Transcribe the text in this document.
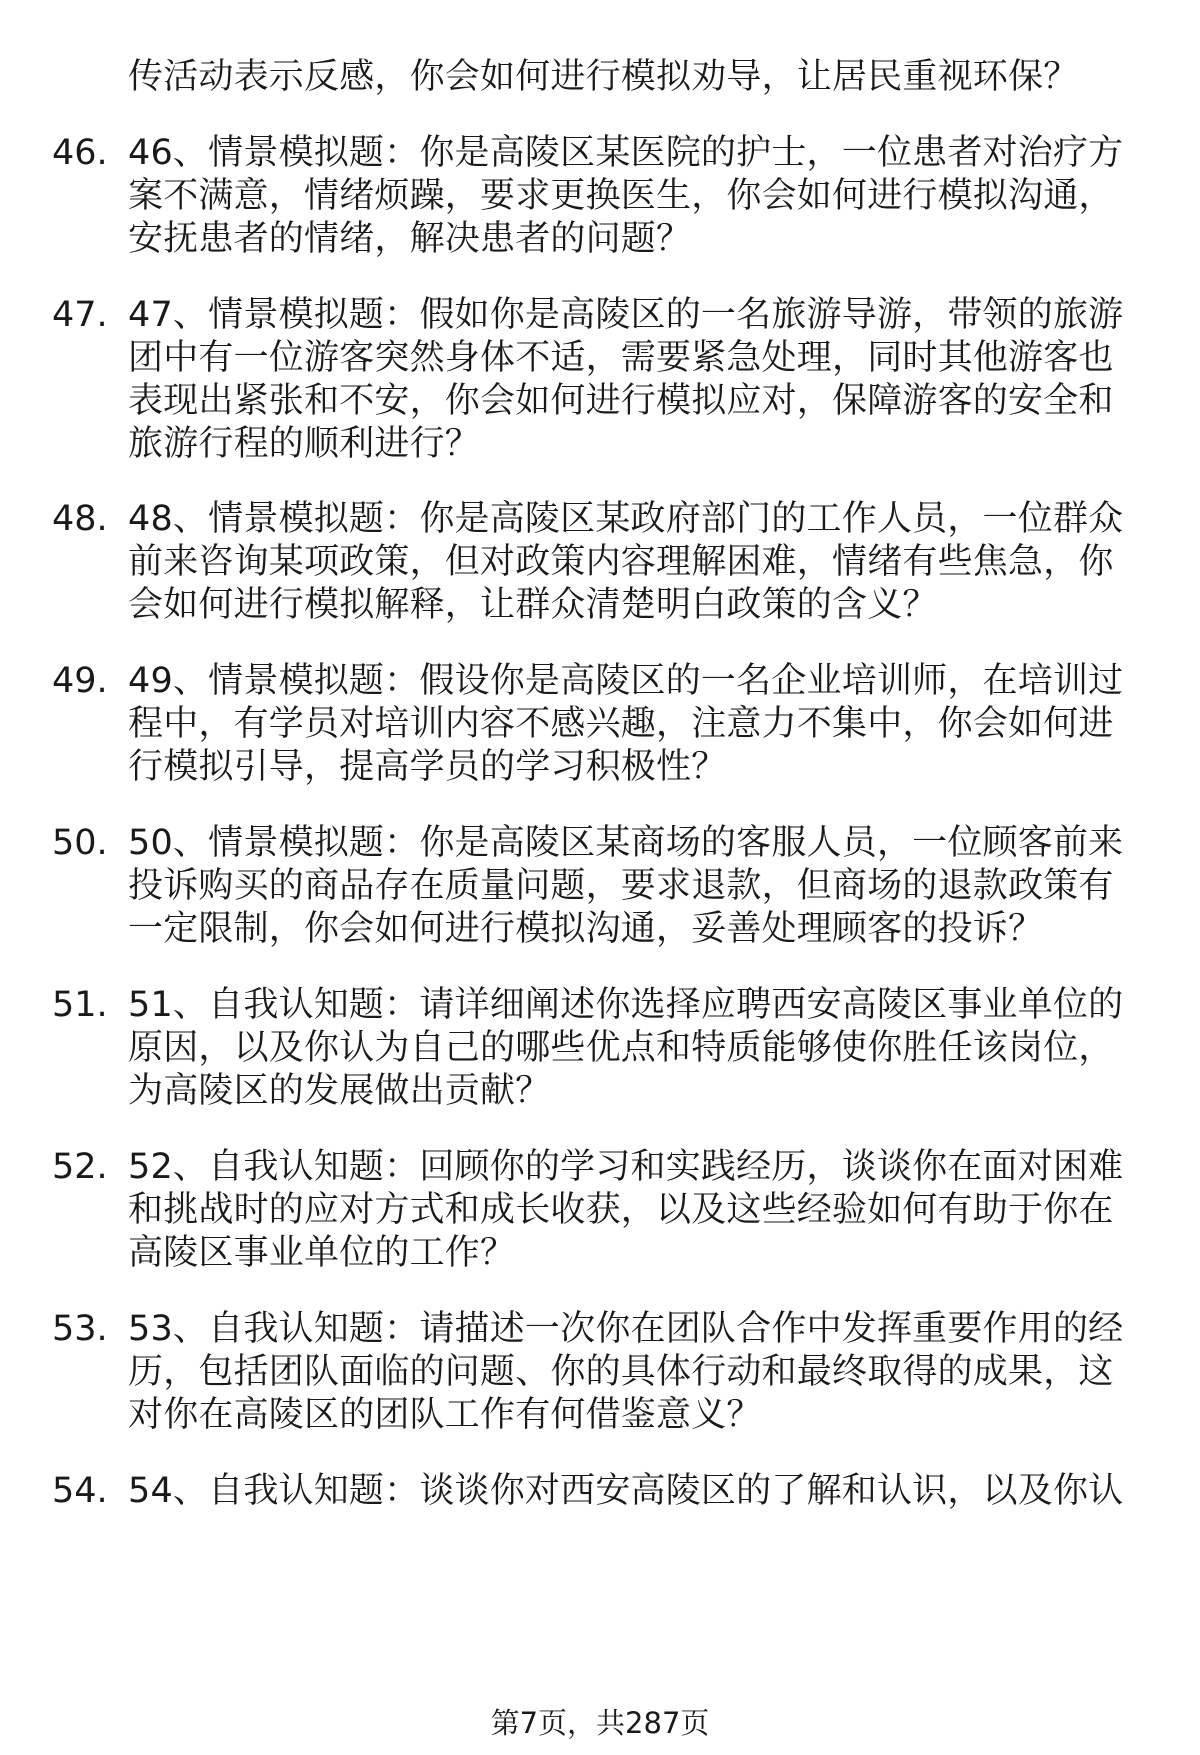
传活动表示反感，你会如何进行模拟劝导，让居民重视环保？
46. 46、情景模拟题：你是高陵区某医院的护士，一位患者对治疗方
案不满意，情绪烦躁，要求更换医生，你会如何进行模拟沟通，
安抚患者的情绪，解决患者的问题？
47. 47、情景模拟题：假如你是高陵区的一名旅游导游，带领的旅游
团中有一位游客突然身体不适，需要紧急处理，同时其他游客也
表现出紧张和不安，你会如何进行模拟应对，保障游客的安全和
旅游行程的顺利进行？
48. 48、情景模拟题：你是高陵区某政府部门的工作人员，一位群众
前来咨询某项政策，但对政策内容理解困难，情绪有些焦急，你
会如何进行模拟解释，让群众清楚明白政策的含义？
49. 49、情景模拟题：假设你是高陵区的一名企业培训师，在培训过
程中，有学员对培训内容不感兴趣，注意力不集中，你会如何进
行模拟引导，提高学员的学习积极性？
50. 50、情景模拟题：你是高陵区某商场的客服人员，一位顾客前来
投诉购买的商品存在质量问题，要求退款，但商场的退款政策有
一定限制，你会如何进行模拟沟通，妥善处理顾客的投诉？
51. 51、自我认知题：请详细阐述你选择应聘西安高陵区事业单位的
原因，以及你认为自己的哪些优点和特质能够使你胜任该岗位，
为高陵区的发展做出贡献？
52. 52、自我认知题：回顾你的学习和实践经历，谈谈你在面对困难
和挑战时的应对方式和成长收获，以及这些经验如何有助于你在
高陵区事业单位的工作？
53. 53、自我认知题：请描述一次你在团队合作中发挥重要作用的经
历，包括团队面临的问题、你的具体行动和最终取得的成果，这
对你在高陵区的团队工作有何借鉴意义？
54. 54、自我认知题：谈谈你对西安高陵区的了解和认识，以及你认
第7页，共287页
